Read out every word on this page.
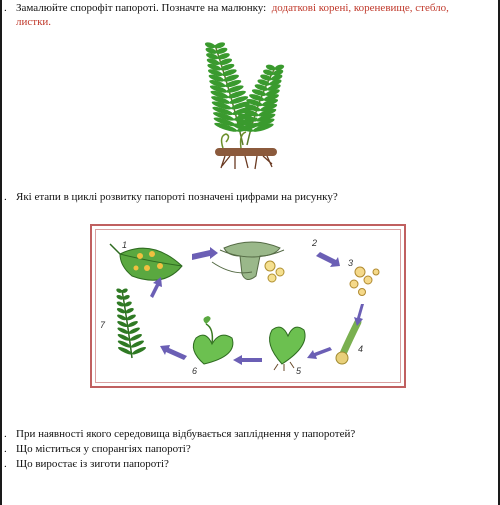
. Замалюйте спорофіт папороті. Позначте на малюнку: додаткові корені, кореневище, стебло,
листки.
. Які етапи в циклі розвитку папороті позначені цифрами на рисунку?
1	2
3
4
5
6
7
. При наявності якого середовища відбувається запліднення у папоротей?
. Що міститься у спорангіях папороті?
. Що виростає із зиготи папороті?
